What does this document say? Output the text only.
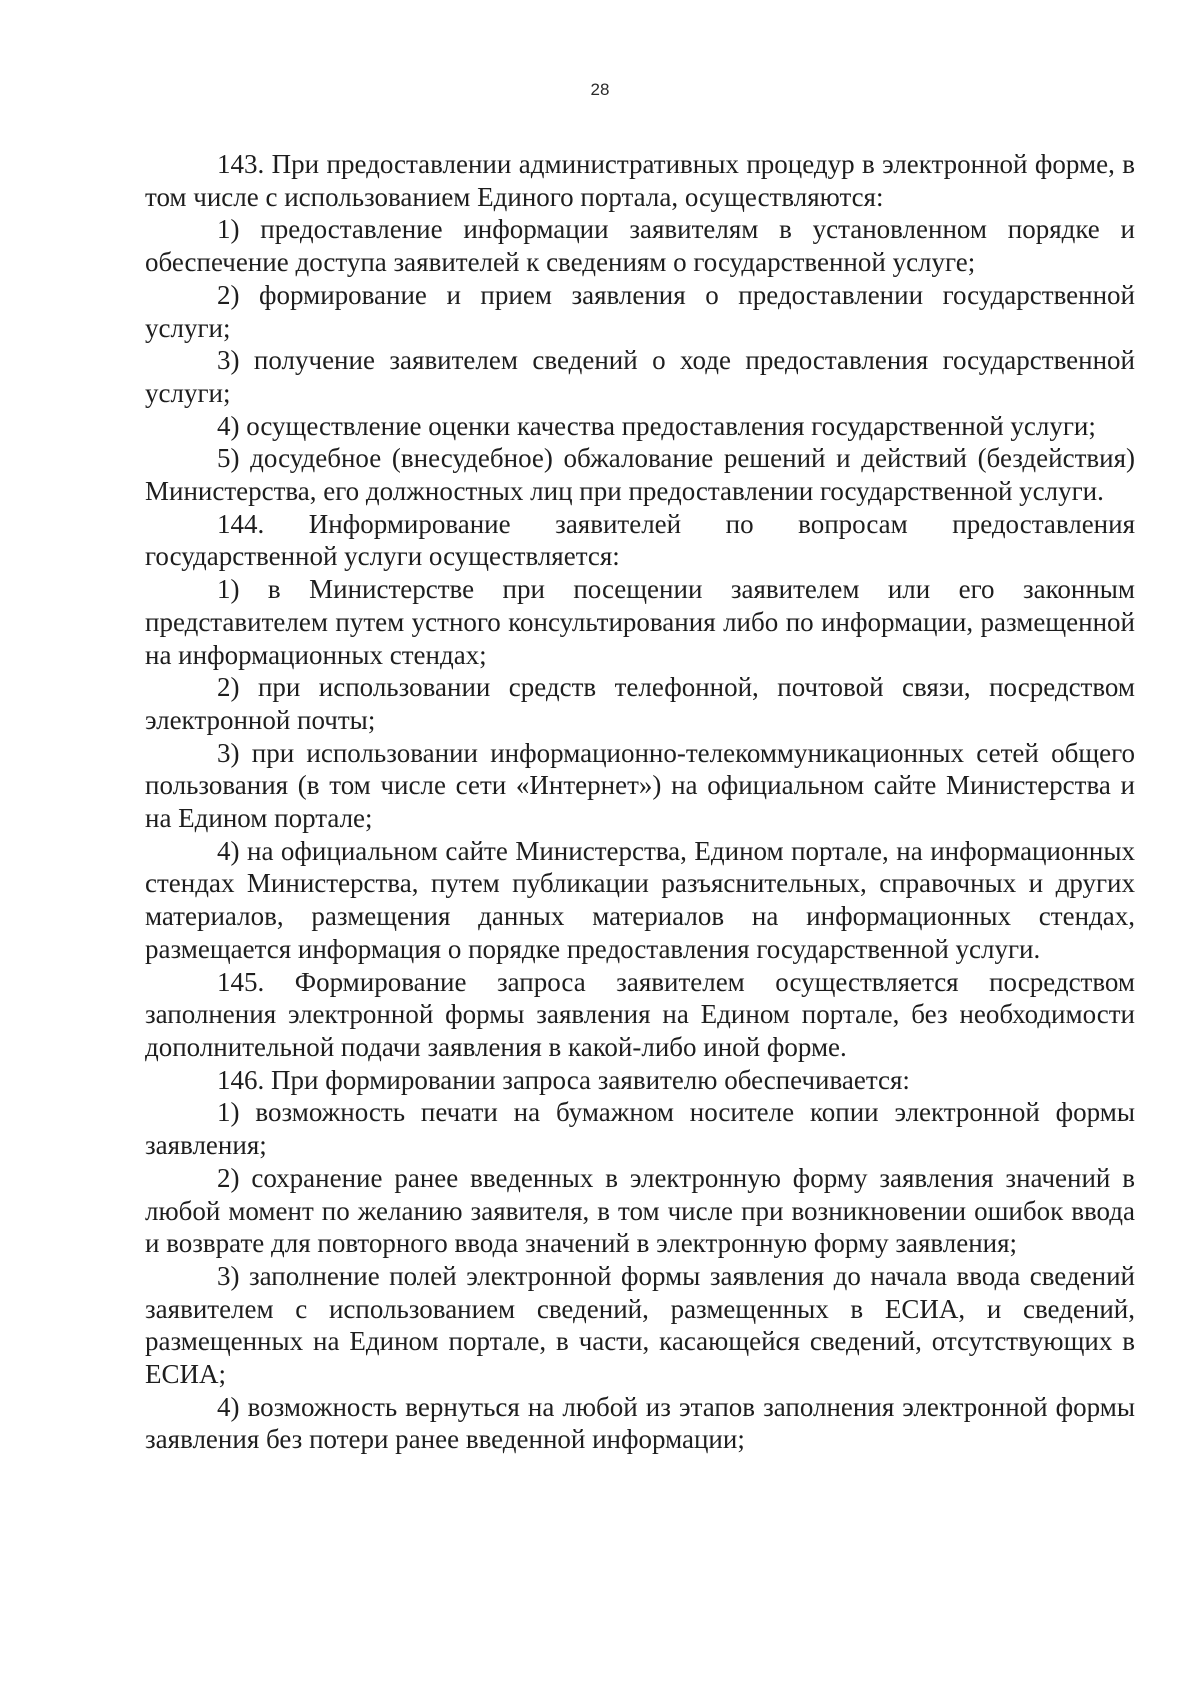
28

143. При предоставлении административных процедур в электронной форме, в том числе с использованием Единого портала, осуществляются:

1) предоставление информации заявителям в установленном порядке и обеспечение доступа заявителей к сведениям о государственной услуге;

2) формирование и прием заявления о предоставлении государственной услуги;

3) получение заявителем сведений о ходе предоставления государственной услуги;

4) осуществление оценки качества предоставления государственной услуги;

5) досудебное (внесудебное) обжалование решений и действий (бездействия) Министерства, его должностных лиц при предоставлении государственной услуги.

144. Информирование заявителей по вопросам предоставления государственной услуги осуществляется:

1) в Министерстве при посещении заявителем или его законным представителем путем устного консультирования либо по информации, размещенной на информационных стендах;

2) при использовании средств телефонной, почтовой связи, посредством электронной почты;

3) при использовании информационно-телекоммуникационных сетей общего пользования (в том числе сети «Интернет») на официальном сайте Министерства и на Едином портале;

4) на официальном сайте Министерства, Едином портале, на информационных стендах Министерства, путем публикации разъяснительных, справочных и других материалов, размещения данных материалов на информационных стендах, размещается информация о порядке предоставления государственной услуги.

145. Формирование запроса заявителем осуществляется посредством заполнения электронной формы заявления на Едином портале, без необходимости дополнительной подачи заявления в какой-либо иной форме.

146. При формировании запроса заявителю обеспечивается:

1) возможность печати на бумажном носителе копии электронной формы заявления;

2) сохранение ранее введенных в электронную форму заявления значений в любой момент по желанию заявителя, в том числе при возникновении ошибок ввода и возврате для повторного ввода значений в электронную форму заявления;

3) заполнение полей электронной формы заявления до начала ввода сведений заявителем с использованием сведений, размещенных в ЕСИА, и сведений, размещенных на Едином портале, в части, касающейся сведений, отсутствующих в ЕСИА;

4) возможность вернуться на любой из этапов заполнения электронной формы заявления без потери ранее введенной информации;
